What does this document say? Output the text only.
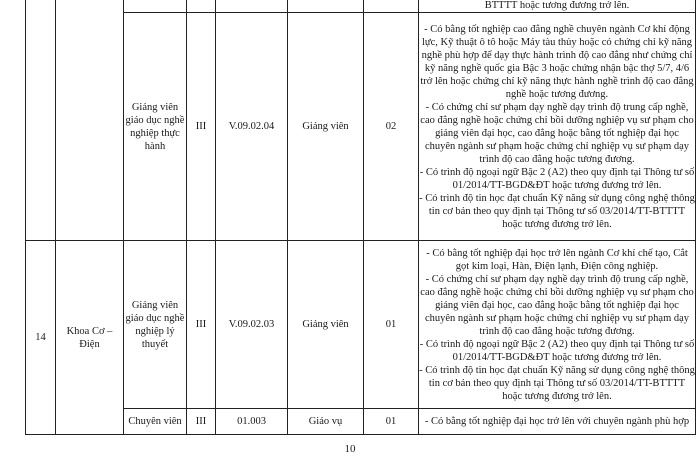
							BTTTT hoặc tương đương trở lên.

		Giảng viên giáo dục nghề nghiệp thực hành	III	V.09.02.04	Giảng viên	02	- Có bằng tốt nghiệp cao đẳng nghề chuyên ngành Cơ khí động lực, Kỹ thuật ô tô hoặc Máy tàu thủy hoặc có chứng chỉ kỹ năng nghề phù hợp để dạy thực hành trình độ cao đẳng như chứng chỉ kỹ năng nghề quốc gia Bậc 3 hoặc chứng nhận bậc thợ 5/7, 4/6 trở lên hoặc chứng chỉ kỹ năng thực hành nghề trình độ cao đẳng nghề hoặc tương đương.

- Có chứng chỉ sư phạm dạy nghề dạy trình độ trung cấp nghề, cao đẳng nghề hoặc chứng chỉ bồi dưỡng nghiệp vụ sư phạm cho giảng viên đại học, cao đẳng hoặc bằng tốt nghiệp đại học chuyên ngành sư phạm hoặc chứng chỉ nghiệp vụ sư phạm dạy trình độ cao đẳng hoặc tương đương.

- Có trình độ ngoại ngữ Bậc 2 (A2) theo quy định tại Thông tư số 01/2014/TT-BGD&ĐT hoặc tương đương trở lên.

- Có trình độ tin học đạt chuẩn Kỹ năng sử dụng công nghệ thông tin cơ bản theo quy định tại Thông tư số 03/2014/TT-BTTTT hoặc tương đương trở lên.

14	Khoa Cơ – Điện	Giảng viên giáo dục nghề nghiệp lý thuyết	III	V.09.02.03	Giảng viên	01	- Có bằng tốt nghiệp đại học trở lên ngành Cơ khí chế tạo, Cắt gọt kim loại, Hàn, Điện lạnh, Điện công nghiệp.

- Có chứng chỉ sư phạm dạy nghề dạy trình độ trung cấp nghề, cao đẳng nghề hoặc chứng chỉ bồi dưỡng nghiệp vụ sư phạm cho giảng viên đại học, cao đẳng hoặc bằng tốt nghiệp đại học chuyên ngành sư phạm hoặc chứng chỉ nghiệp vụ sư phạm dạy trình độ cao đẳng hoặc tương đương.

- Có trình độ ngoại ngữ Bậc 2 (A2) theo quy định tại Thông tư số 01/2014/TT-BGD&ĐT hoặc tương đương trở lên.

- Có trình độ tin học đạt chuẩn Kỹ năng sử dụng công nghệ thông tin cơ bản theo quy định tại Thông tư số 03/2014/TT-BTTTT hoặc tương đương trở lên.

		Chuyên viên	III	01.003	Giáo vụ	01	- Có bằng tốt nghiệp đại học trở lên với chuyên ngành phù hợp

10
